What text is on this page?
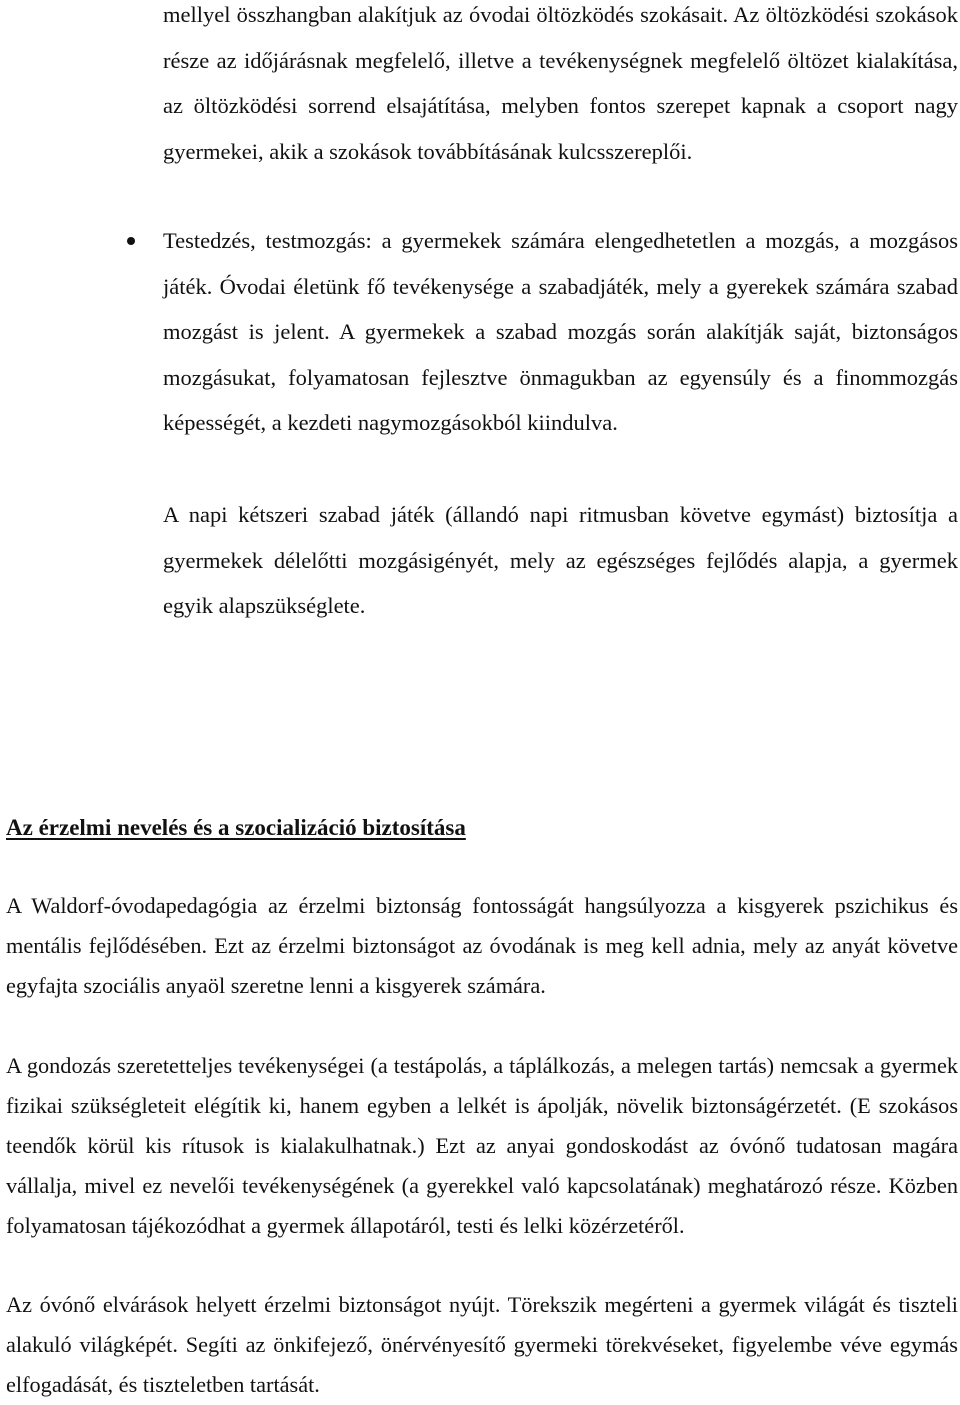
mellyel összhangban alakítjuk az óvodai öltözködés szokásait. Az öltözködési szokások része az időjárásnak megfelelő, illetve a tevékenységnek megfelelő öltözet kialakítása, az öltözködési sorrend elsajátítása, melyben fontos szerepet kapnak a csoport nagy gyermekei, akik a szokások továbbításának kulcsszereplői.

Testedzés, testmozgás: a gyermekek számára elengedhetetlen a mozgás, a mozgásos játék. Óvodai életünk fő tevékenysége a szabadjáték, mely a gyerekek számára szabad mozgást is jelent. A gyermekek a szabad mozgás során alakítják saját, biztonságos mozgásukat, folyamatosan fejlesztve önmagukban az egyensúly és a finommozgás képességét, a kezdeti nagymozgásokból kiindulva.

A napi kétszeri szabad játék (állandó napi ritmusban követve egymást) biztosítja a gyermekek délelőtti mozgásigényét, mely az egészséges fejlődés alapja, a gyermek egyik alapszükséglete.

Az érzelmi nevelés és a szocializáció biztosítása

A Waldorf-óvodapedagógia az érzelmi biztonság fontosságát hangsúlyozza a kisgyerek pszichikus és mentális fejlődésében. Ezt az érzelmi biztonságot az óvodának is meg kell adnia, mely az anyát követve egyfajta szociális anyaöl szeretne lenni a kisgyerek számára.

A gondozás szeretetteljes tevékenységei (a testápolás, a táplálkozás, a melegen tartás) nemcsak a gyermek fizikai szükségleteit elégítik ki, hanem egyben a lelkét is ápolják, növelik biztonságérzetét. (E szokásos teendők körül kis rítusok is kialakulhatnak.) Ezt az anyai gondoskodást az óvónő tudatosan magára vállalja, mivel ez nevelői tevékenységének (a gyerekkel való kapcsolatának) meghatározó része. Közben folyamatosan tájékozódhat a gyermek állapotáról, testi és lelki közérzetéről.

Az óvónő elvárások helyett érzelmi biztonságot nyújt. Törekszik megérteni a gyermek világát és tiszteli alakuló világképét. Segíti az önkifejező, önérvényesítő gyermeki törekvéseket, figyelembe véve egymás elfogadását, és tiszteletben tartását.
